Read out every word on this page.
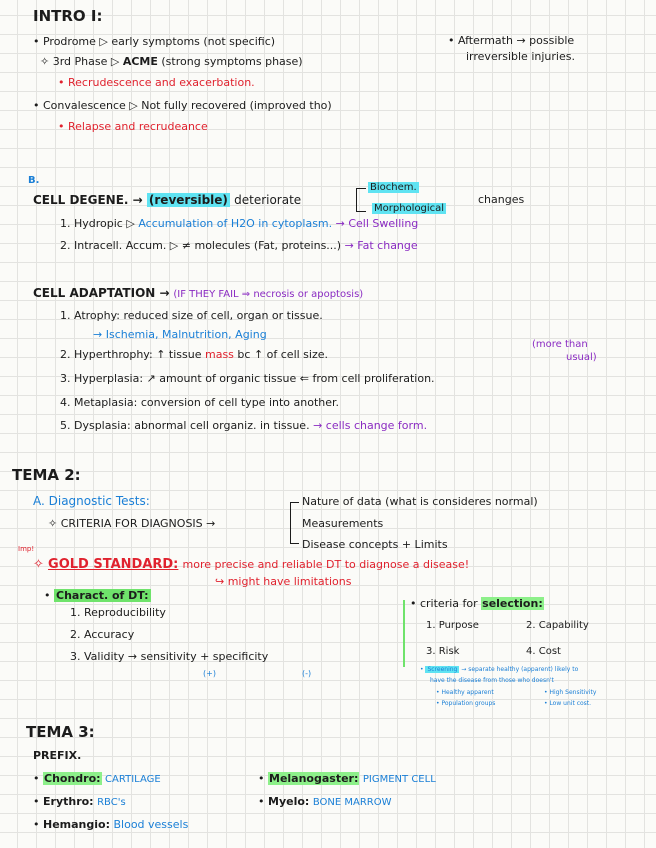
INTRO I:
• Prodrome ▷ early symptoms (not specific)
✧ 3rd Phase ▷ ACME (strong symptoms phase)
• Recrudescence and exacerbation.
• Aftermath → possible
irreversible injuries.
• Convalescence ▷ Not fully recovered (improved tho)
• Relapse and recrudeance
B.
CELL DEGENE. → (reversible) deteriorate
Biochem.
Morphological
changes
1. Hydropic ▷ Accumulation of H2O in cytoplasm. → Cell Swelling
2. Intracell. Accum. ▷ ≠ molecules (Fat, proteins...) → Fat change
CELL ADAPTATION → (IF THEY FAIL ⇒ necrosis or apoptosis)
1. Atrophy: reduced size of cell, organ or tissue.
→ Ischemia, Malnutrition, Aging
2. Hyperthrophy: ↑ tissue mass bc ↑ of cell size.
(more than
usual)
3. Hyperplasia: ↗ amount of organic tissue ⇐ from cell proliferation.
4. Metaplasia: conversion of cell type into another.
5. Dysplasia: abnormal cell organiz. in tissue. → cells change form.
TEMA 2:
A. Diagnostic Tests:
✧ CRITERIA FOR DIAGNOSIS →
Nature of data (what is consideres normal)
Measurements
Disease concepts + Limits
Imp!
✧ GOLD STANDARD: more precise and reliable DT to diagnose a disease!
↪ might have limitations
• Charact. of DT:
1. Reproducibility
2. Accuracy
3. Validity → sensitivity + specificity
(+)	(-)
• criteria for selection:
1. Purpose	2. Capability
3. Risk	4. Cost
• Screening → separate healthy (apparent) likely to
have the disease from those who doesn't
• Healthy apparent	• High Sensitivity
• Population groups	• Low unit cost.
TEMA 3:
PREFIX.
• Chondro: CARTILAGE
• Erythro: RBC's
• Hemangio: Blood vessels
• Melanogaster: PIGMENT CELL
• Myelo: BONE MARROW
